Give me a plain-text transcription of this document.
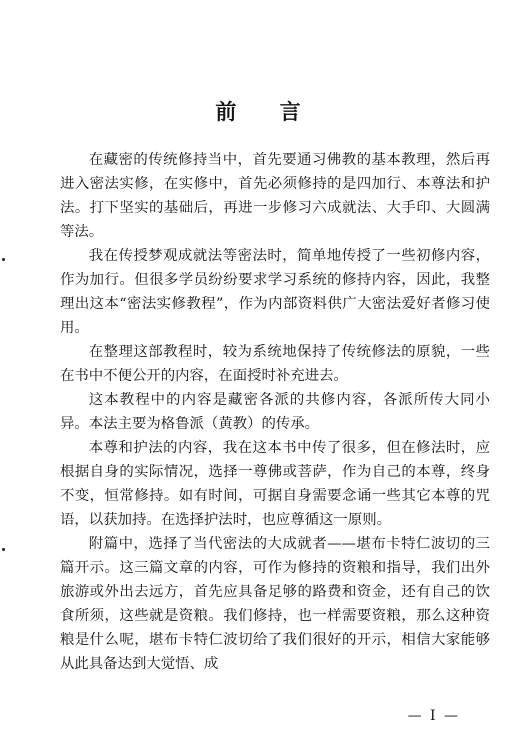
前 言

在藏密的传统修持当中，首先要通习佛教的基本教理，然后再进入密法实修，在实修中，首先必须修持的是四加行、本尊法和护法。打下坚实的基础后，再进一步修习六成就法、大手印、大圆满等法。

我在传授梦观成就法等密法时，简单地传授了一些初修内容，作为加行。但很多学员纷纷要求学习系统的修持内容，因此，我整理出这本“密法实修教程”，作为内部资料供广大密法爱好者修习使用。

在整理这部教程时，较为系统地保持了传统修法的原貌，一些在书中不便公开的内容，在面授时补充进去。

这本教程中的内容是藏密各派的共修内容，各派所传大同小异。本法主要为格鲁派（黄教）的传承。

本尊和护法的内容，我在这本书中传了很多，但在修法时，应根据自身的实际情况，选择一尊佛或菩萨，作为自己的本尊，终身不变，恒常修持。如有时间，可据自身需要念诵一些其它本尊的咒语，以获加持。在选择护法时，也应尊循这一原则。

附篇中，选择了当代密法的大成就者——堪布卡特仁波切的三篇开示。这三篇文章的内容，可作为修持的资粮和指导，我们出外旅游或外出去远方，首先应具备足够的路费和资金，还有自己的饮食所须，这些就是资粮。我们修持，也一样需要资粮，那么这种资粮是什么呢，堪布卡特仁波切给了我们很好的开示，相信大家能够从此具备达到大觉悟、成

— I —
